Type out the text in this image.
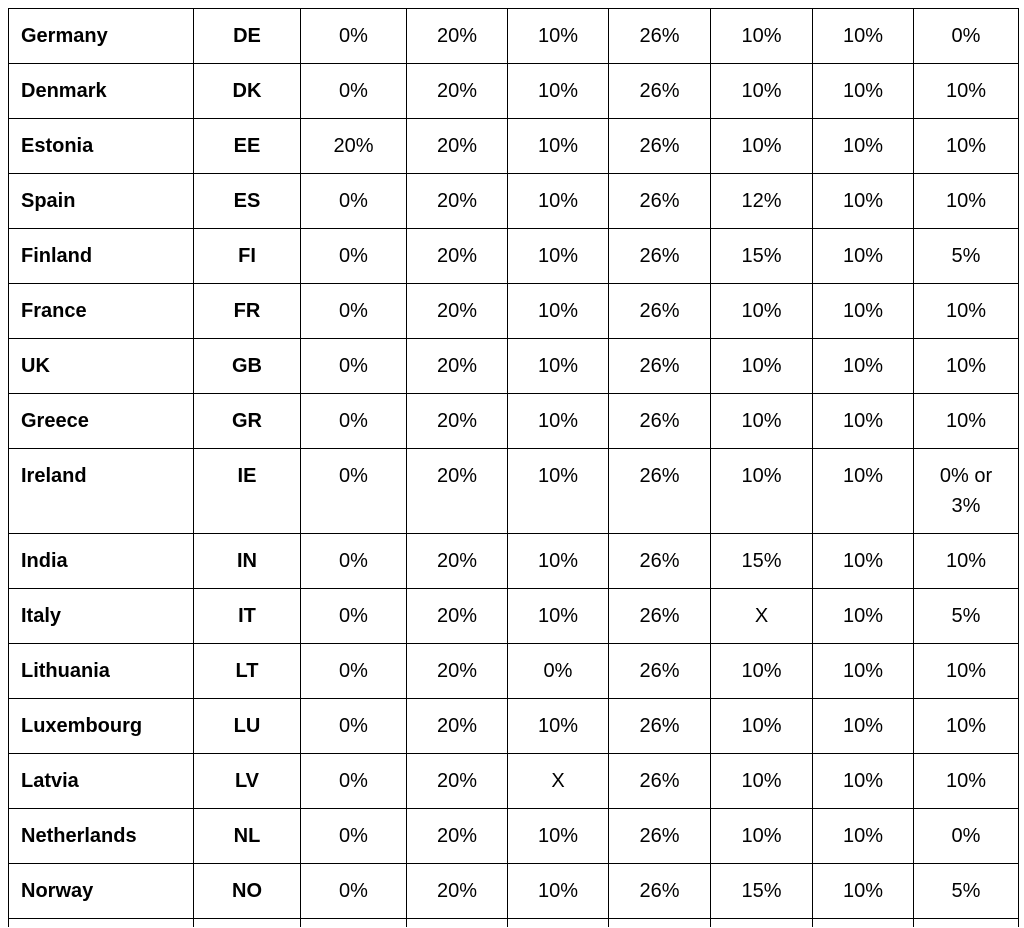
Germany	DE	0%	20%	10%	26%	10%	10%	0%
Denmark	DK	0%	20%	10%	26%	10%	10%	10%
Estonia	EE	20%	20%	10%	26%	10%	10%	10%
Spain	ES	0%	20%	10%	26%	12%	10%	10%
Finland	FI	0%	20%	10%	26%	15%	10%	5%
France	FR	0%	20%	10%	26%	10%	10%	10%
UK	GB	0%	20%	10%	26%	10%	10%	10%
Greece	GR	0%	20%	10%	26%	10%	10%	10%
Ireland	IE	0%	20%	10%	26%	10%	10%	0% or 3%
India	IN	0%	20%	10%	26%	15%	10%	10%
Italy	IT	0%	20%	10%	26%	X	10%	5%
Lithuania	LT	0%	20%	0%	26%	10%	10%	10%
Luxembourg	LU	0%	20%	10%	26%	10%	10%	10%
Latvia	LV	0%	20%	X	26%	10%	10%	10%
Netherlands	NL	0%	20%	10%	26%	10%	10%	0%
Norway	NO	0%	20%	10%	26%	15%	10%	5%
